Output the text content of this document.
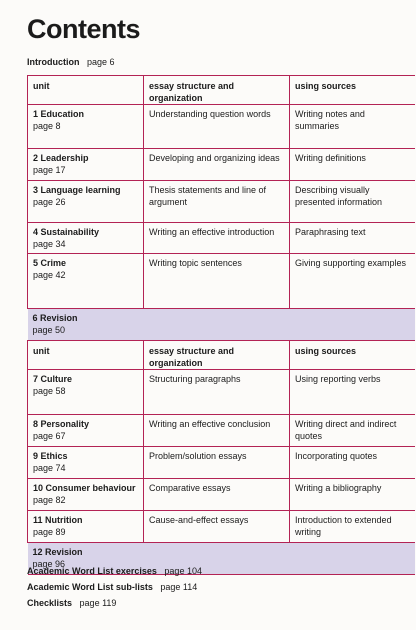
Contents
Introduction page 6
unit	essay structure and organization	using sources

1 Education
page 8	Understanding question words	Writing notes and summaries

2 Leadership
page 17	Developing and organizing ideas	Writing definitions

3 Language learning
page 26	Thesis statements and line of argument	Describing visually presented information

4 Sustainability
page 34	Writing an effective introduction	Paraphrasing text

5 Crime
page 42	Writing topic sentences	Giving supporting examples

6 Revision
page 50		

unit	essay structure and organization	using sources

7 Culture
page 58	Structuring paragraphs	Using reporting verbs

8 Personality
page 67	Writing an effective conclusion	Writing direct and indirect quotes

9 Ethics
page 74	Problem/solution essays	Incorporating quotes

10 Consumer behaviour
page 82	Comparative essays	Writing a bibliography

11 Nutrition
page 89	Cause-and-effect essays	Introduction to extended writing

12 Revision
page 96		
Academic Word List exercises page 104
Academic Word List sub-lists page 114
Checklists page 119
